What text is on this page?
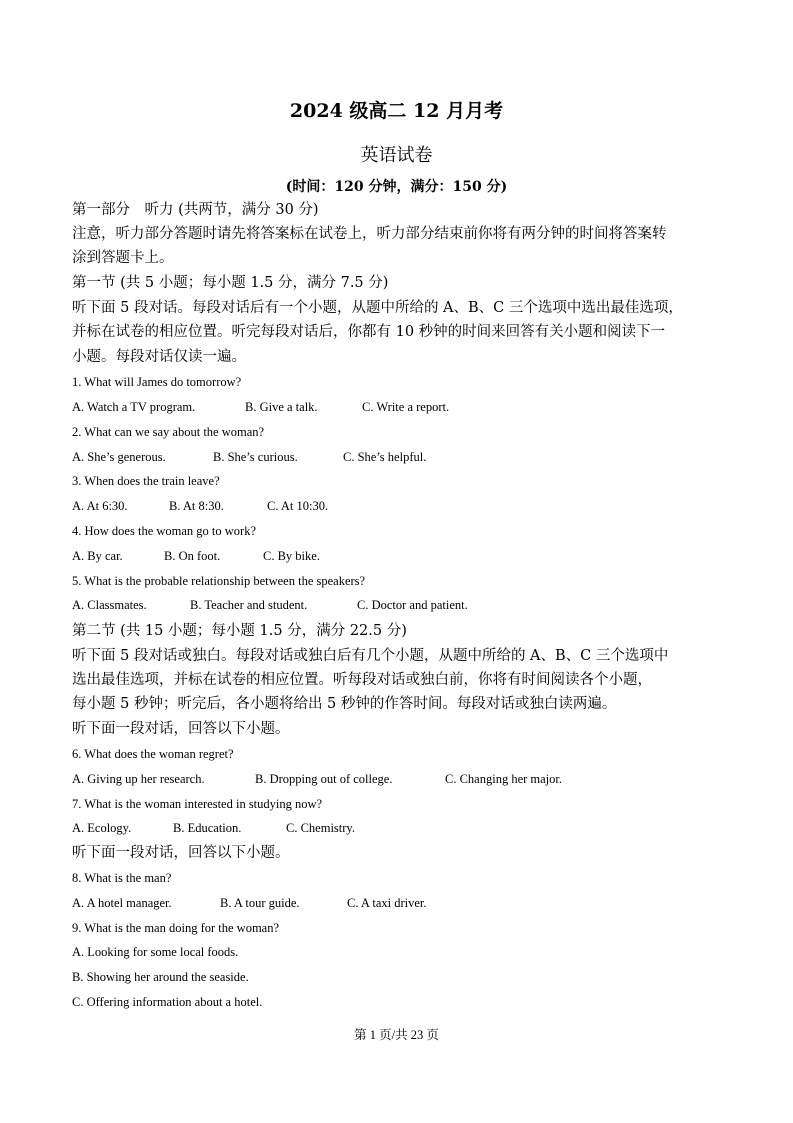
2024 级高二 12 月月考
英语试卷
(时间：120 分钟，满分：150 分)
第一部分　听力 (共两节，满分 30 分)
注意，听力部分答题时请先将答案标在试卷上，听力部分结束前你将有两分钟的时间将答案转
涂到答题卡上。
第一节 (共 5 小题；每小题 1.5 分，满分 7.5 分)
听下面 5 段对话。每段对话后有一个小题，从题中所给的 A、B、C 三个选项中选出最佳选项，
并标在试卷的相应位置。听完每段对话后，你都有 10 秒钟的时间来回答有关小题和阅读下一
小题。每段对话仅读一遍。
1. What will James do tomorrow?
A. Watch a TV program.	B. Give a talk.	C. Write a report.
2. What can we say about the woman?
A. She’s generous.	B. She’s curious.	C. She’s helpful.
3. When does the train leave?
A. At 6:30.	B. At 8:30.	C. At 10:30.
4. How does the woman go to work?
A. By car.	B. On foot.	C. By bike.
5. What is the probable relationship between the speakers?
A. Classmates.	B. Teacher and student.	C. Doctor and patient.
第二节 (共 15 小题；每小题 1.5 分，满分 22.5 分)
听下面 5 段对话或独白。每段对话或独白后有几个小题，从题中所给的 A、B、C 三个选项中
选出最佳选项，并标在试卷的相应位置。听每段对话或独白前，你将有时间阅读各个小题，
每小题 5 秒钟；听完后，各小题将给出 5 秒钟的作答时间。每段对话或独白读两遍。
听下面一段对话，回答以下小题。
6. What does the woman regret?
A. Giving up her research.	B. Dropping out of college.	C. Changing her major.
7. What is the woman interested in studying now?
A. Ecology.	B. Education.	C. Chemistry.
听下面一段对话，回答以下小题。
8. What is the man?
A. A hotel manager.	B. A tour guide.	C. A taxi driver.
9. What is the man doing for the woman?
A. Looking for some local foods.
B. Showing her around the seaside.
C. Offering information about a hotel.
第 1 页/共 23 页
